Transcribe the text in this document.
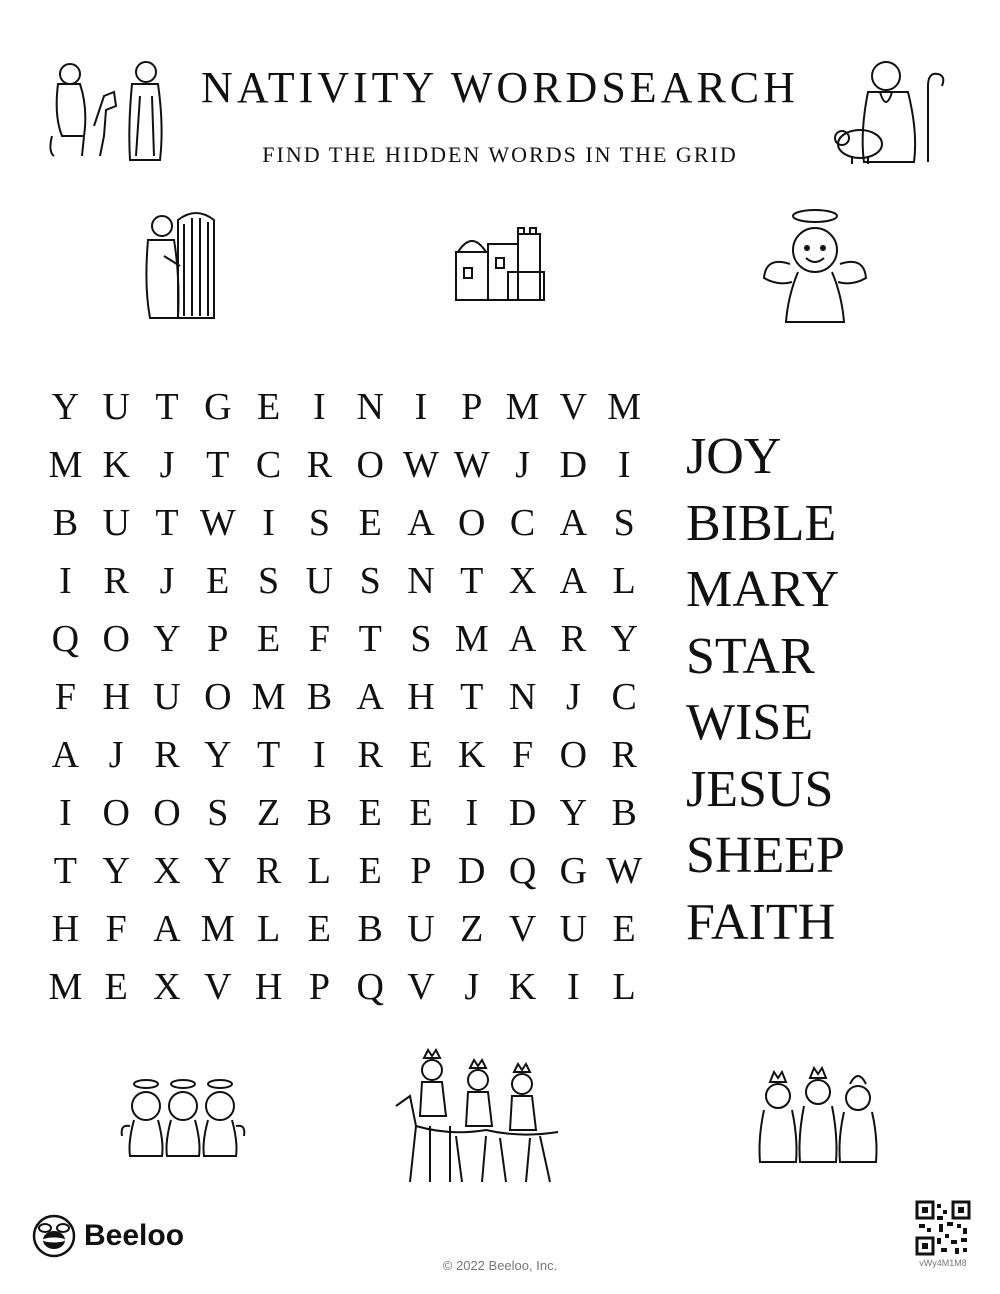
NATIVITY WORDSEARCH
FIND THE HIDDEN WORDS IN THE GRID
Y U T G E I N I P M V M
M K J T C R O W W J D I
B U T W I S E A O C A S
I R J E S U S N T X A L
Q O Y P E F T S M A R Y
F H U O M B A H T N J C
A J R Y T I R E K F O R
I O O S Z B E E I D Y B
T Y X Y R L E P D Q G W
H F A M L E B U Z V U E
M E X V H P Q V J K I L
JOY
BIBLE
MARY
STAR
WISE
JESUS
SHEEP
FAITH
Beeloo
© 2022 Beeloo, Inc.	vWy4M1M8
